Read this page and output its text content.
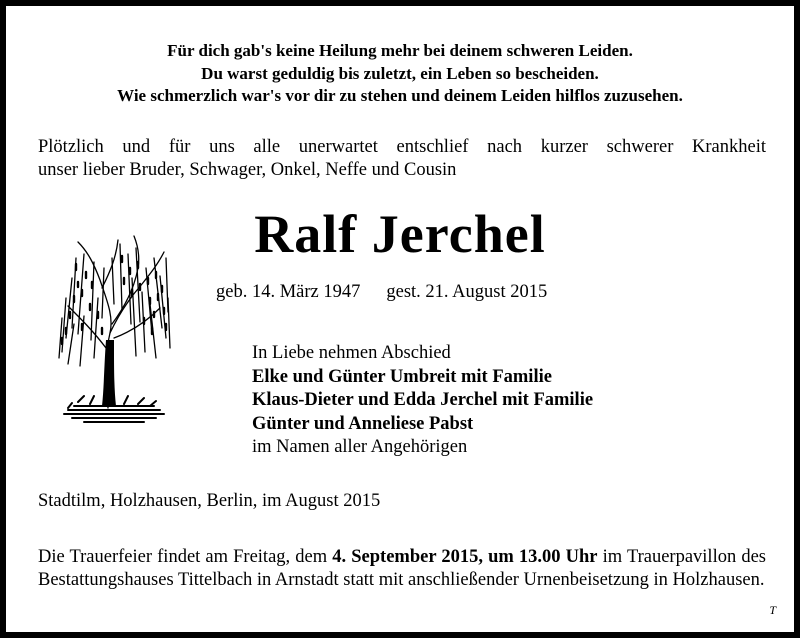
Für dich gab's keine Heilung mehr bei deinem schweren Leiden.
Du warst geduldig bis zuletzt, ein Leben so bescheiden.
Wie schmerzlich war's vor dir zu stehen und deinem Leiden hilflos zuzusehen.
Plötzlich und für uns alle unerwartet entschlief nach kurzer schwerer Krankheit
unser lieber Bruder, Schwager, Onkel, Neffe und Cousin
Ralf Jerchel
geb. 14. März 1947 gest. 21. August 2015
In Liebe nehmen Abschied
Elke und Günter Umbreit mit Familie
Klaus-Dieter und Edda Jerchel mit Familie
Günter und Anneliese Pabst
im Namen aller Angehörigen
Stadtilm, Holzhausen, Berlin, im August 2015
Die Trauerfeier findet am Freitag, dem 4. September 2015, um 13.00 Uhr im Trauerpavillon des Bestattungshauses Tittelbach in Arnstadt statt mit anschließender Urnenbeisetzung in Holzhausen.
T
